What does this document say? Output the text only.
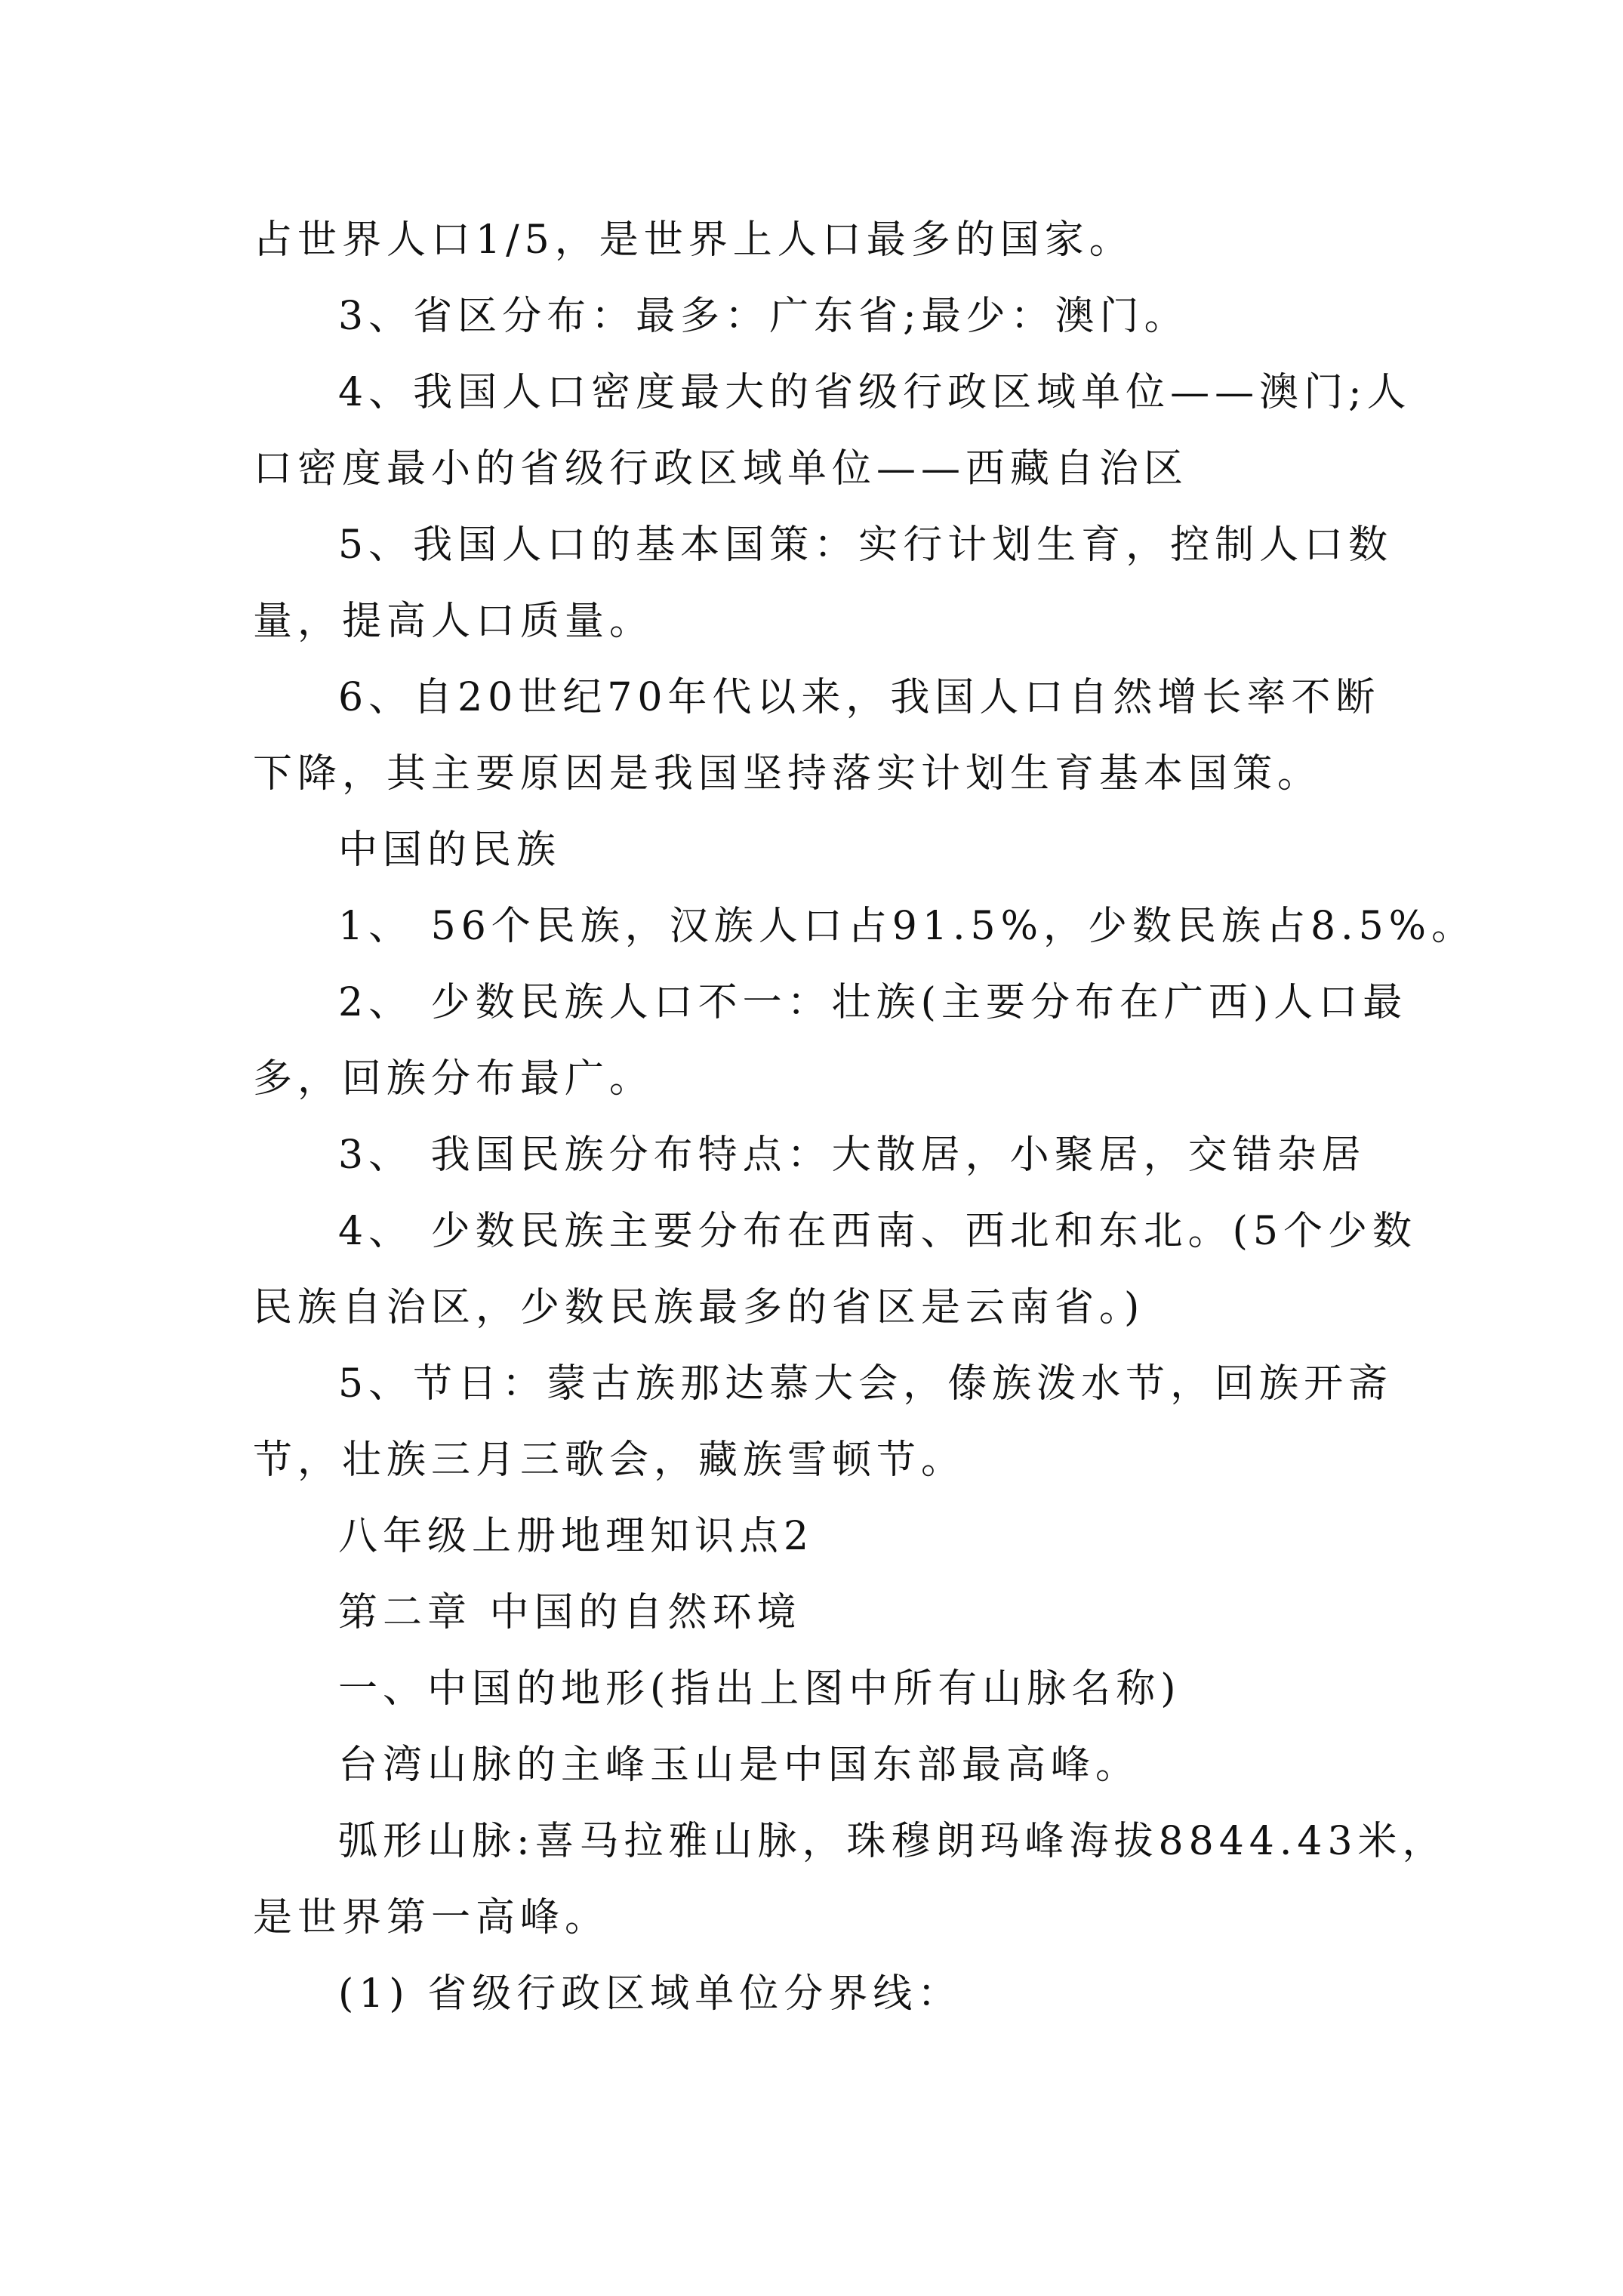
占世界人口1/5，是世界上人口最多的国家。

3、省区分布：最多：广东省;最少：澳门。

4、我国人口密度最大的省级行政区域单位——澳门;人

口密度最小的省级行政区域单位——西藏自治区

5、我国人口的基本国策：实行计划生育，控制人口数

量，提高人口质量。

6、自20世纪70年代以来，我国人口自然增长率不断

下降，其主要原因是我国坚持落实计划生育基本国策。

中国的民族

1、 56个民族，汉族人口占91.5%，少数民族占8.5%。

2、 少数民族人口不一：壮族(主要分布在广西)人口最

多，回族分布最广。

3、 我国民族分布特点：大散居，小聚居，交错杂居

4、 少数民族主要分布在西南、西北和东北。(5个少数

民族自治区，少数民族最多的省区是云南省。)

5、节日：蒙古族那达慕大会，傣族泼水节，回族开斋

节，壮族三月三歌会，藏族雪顿节。

八年级上册地理知识点2

第二章 中国的自然环境

一、中国的地形(指出上图中所有山脉名称)

台湾山脉的主峰玉山是中国东部最高峰。

弧形山脉:喜马拉雅山脉，珠穆朗玛峰海拔8844.43米，

是世界第一高峰。

(1) 省级行政区域单位分界线：
